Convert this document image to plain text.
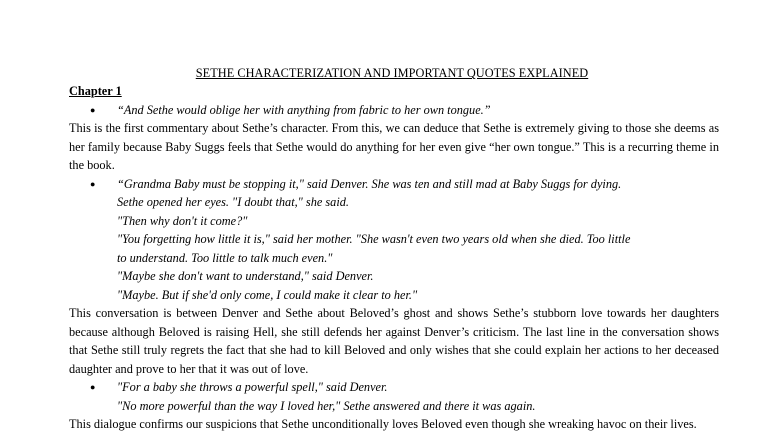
SETHE CHARACTERIZATION AND IMPORTANT QUOTES EXPLAINED

Chapter 1

● “And Sethe would oblige her with anything from fabric to her own tongue.”

This is the first commentary about Sethe’s character. From this, we can deduce that Sethe is extremely giving to those she deems as her family because Baby Suggs feels that Sethe would do anything for her even give “her own tongue.” This is a recurring theme in the book.

● “Grandma Baby must be stopping it," said Denver. She was ten and still mad at Baby Suggs for dying.

Sethe opened her eyes. "I doubt that," she said.

"Then why don't it come?"

"You forgetting how little it is," said her mother. "She wasn't even two years old when she died. Too little

to understand. Too little to talk much even."

"Maybe she don't want to understand," said Denver.

"Maybe. But if she'd only come, I could make it clear to her."

This conversation is between Denver and Sethe about Beloved’s ghost and shows Sethe’s stubborn love towards her daughters because although Beloved is raising Hell, she still defends her against Denver’s criticism. The last line in the conversation shows that Sethe still truly regrets the fact that she had to kill Beloved and only wishes that she could explain her actions to her deceased daughter and prove to her that it was out of love.

● "For a baby she throws a powerful spell," said Denver.

"No more powerful than the way I loved her," Sethe answered and there it was again.

This dialogue confirms our suspicions that Sethe unconditionally loves Beloved even though she wreaking havoc on their lives.
